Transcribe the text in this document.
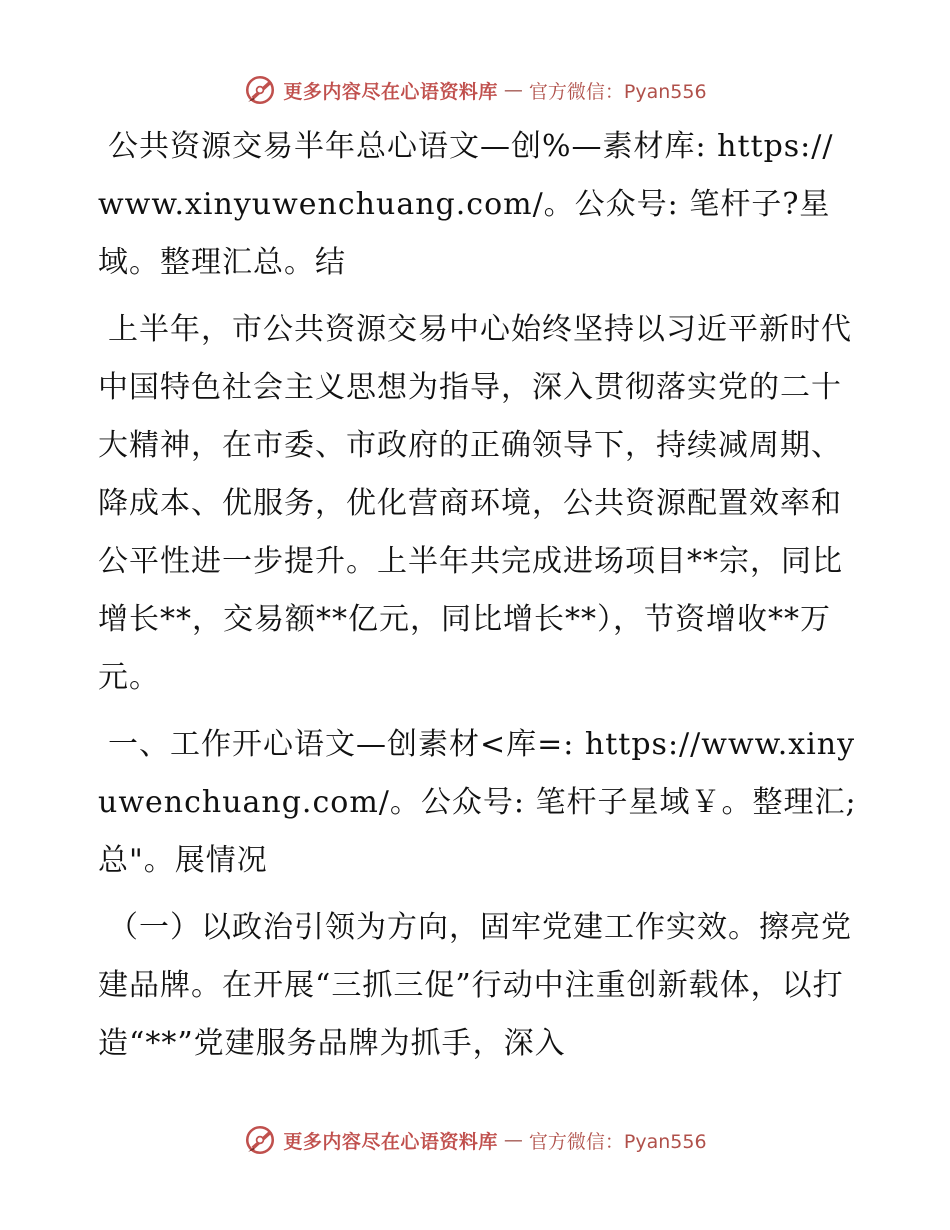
更多内容尽在心语资料库 — 官方微信：Pyan556

公共资源交易半年总心语文—创%—素材库: https://www.xinyuwenchuang.com/。公众号: 笔杆子?星域。整理汇总。结

上半年，市公共资源交易中心始终坚持以习近平新时代中国特色社会主义思想为指导，深入贯彻落实党的二十大精神，在市委、市政府的正确领导下，持续减周期、降成本、优服务，优化营商环境，公共资源配置效率和公平性进一步提升。上半年共完成进场项目**宗，同比增长**，交易额**亿元，同比增长**），节资增收**万元。

一、工作开心语文—创素材<库=: https://www.xinyuwenchuang.com/。公众号: 笔杆子星域￥。整理汇;总"。展情况

（一）以政治引领为方向，固牢党建工作实效。擦亮党建品牌。在开展“三抓三促”行动中注重创新载体，以打造“**”党建服务品牌为抓手，深入

更多内容尽在心语资料库 — 官方微信：Pyan556
